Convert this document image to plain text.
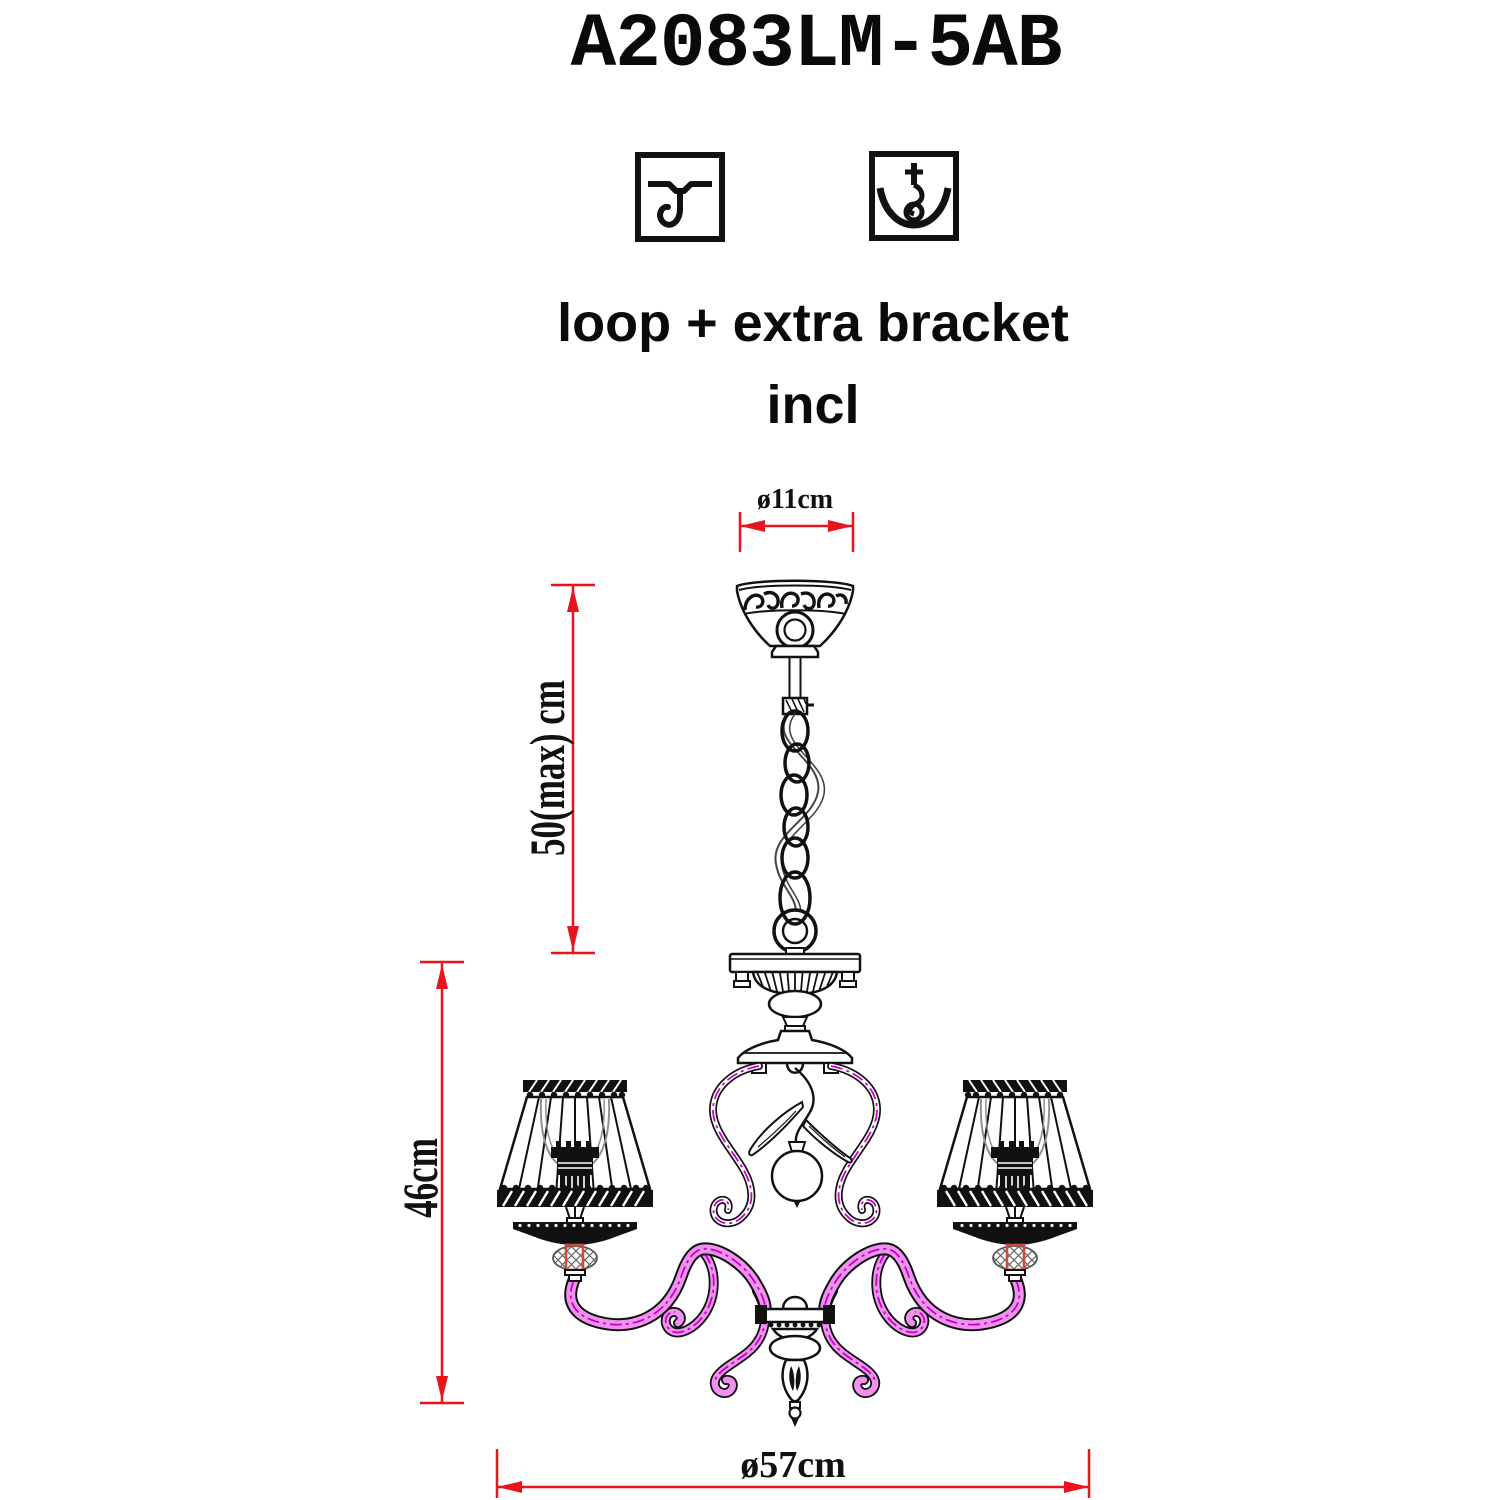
A2083LM-5AB
loop + extra bracket
incl
ø11cm
50(max) cm
46cm
ø57cm
